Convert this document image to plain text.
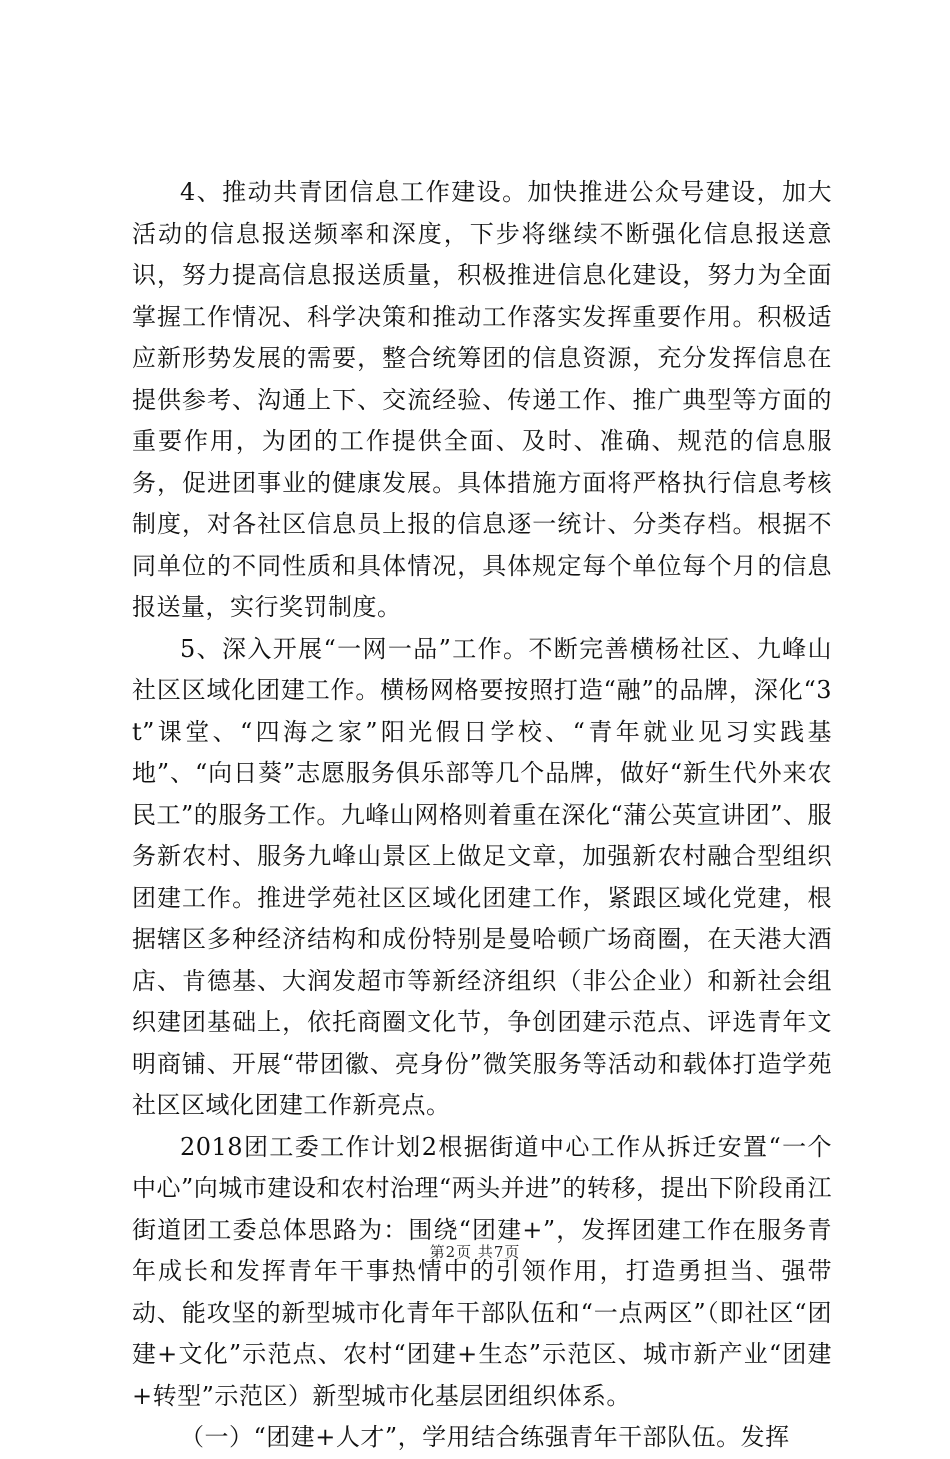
4、推动共青团信息工作建设。加快推进公众号建设，加大活动的信息报送频率和深度，下步将继续不断强化信息报送意识，努力提高信息报送质量，积极推进信息化建设，努力为全面掌握工作情况、科学决策和推动工作落实发挥重要作用。积极适应新形势发展的需要，整合统筹团的信息资源，充分发挥信息在提供参考、沟通上下、交流经验、传递工作、推广典型等方面的重要作用，为团的工作提供全面、及时、准确、规范的信息服务，促进团事业的健康发展。具体措施方面将严格执行信息考核制度，对各社区信息员上报的信息逐一统计、分类存档。根据不同单位的不同性质和具体情况，具体规定每个单位每个月的信息报送量，实行奖罚制度。

5、深入开展“一网一品”工作。不断完善横杨社区、九峰山社区区域化团建工作。横杨网格要按照打造“融”的品牌，深化“3t”课堂、“四海之家”阳光假日学校、“青年就业见习实践基地”、“向日葵”志愿服务俱乐部等几个品牌，做好“新生代外来农民工”的服务工作。九峰山网格则着重在深化“蒲公英宣讲团”、服务新农村、服务九峰山景区上做足文章，加强新农村融合型组织团建工作。推进学苑社区区域化团建工作，紧跟区域化党建，根据辖区多种经济结构和成份特别是曼哈顿广场商圈，在天港大酒店、肯德基、大润发超市等新经济组织（非公企业）和新社会组织建团基础上，依托商圈文化节，争创团建示范点、评选青年文明商铺、开展“带团徽、亮身份”微笑服务等活动和载体打造学苑社区区域化团建工作新亮点。

2018团工委工作计划2根据街道中心工作从拆迁安置“一个中心”向城市建设和农村治理“两头并进”的转移，提出下阶段甬江街道团工委总体思路为：围绕“团建+”，发挥团建工作在服务青年成长和发挥青年干事热情中的引领作用，打造勇担当、强带动、能攻坚的新型城市化青年干部队伍和“一点两区”（即社区“团建+文化”示范点、农村“团建+生态”示范区、城市新产业“团建+转型”示范区）新型城市化基层团组织体系。

（一）“团建+人才”，学用结合练强青年干部队伍。发挥

第2页 共7页
